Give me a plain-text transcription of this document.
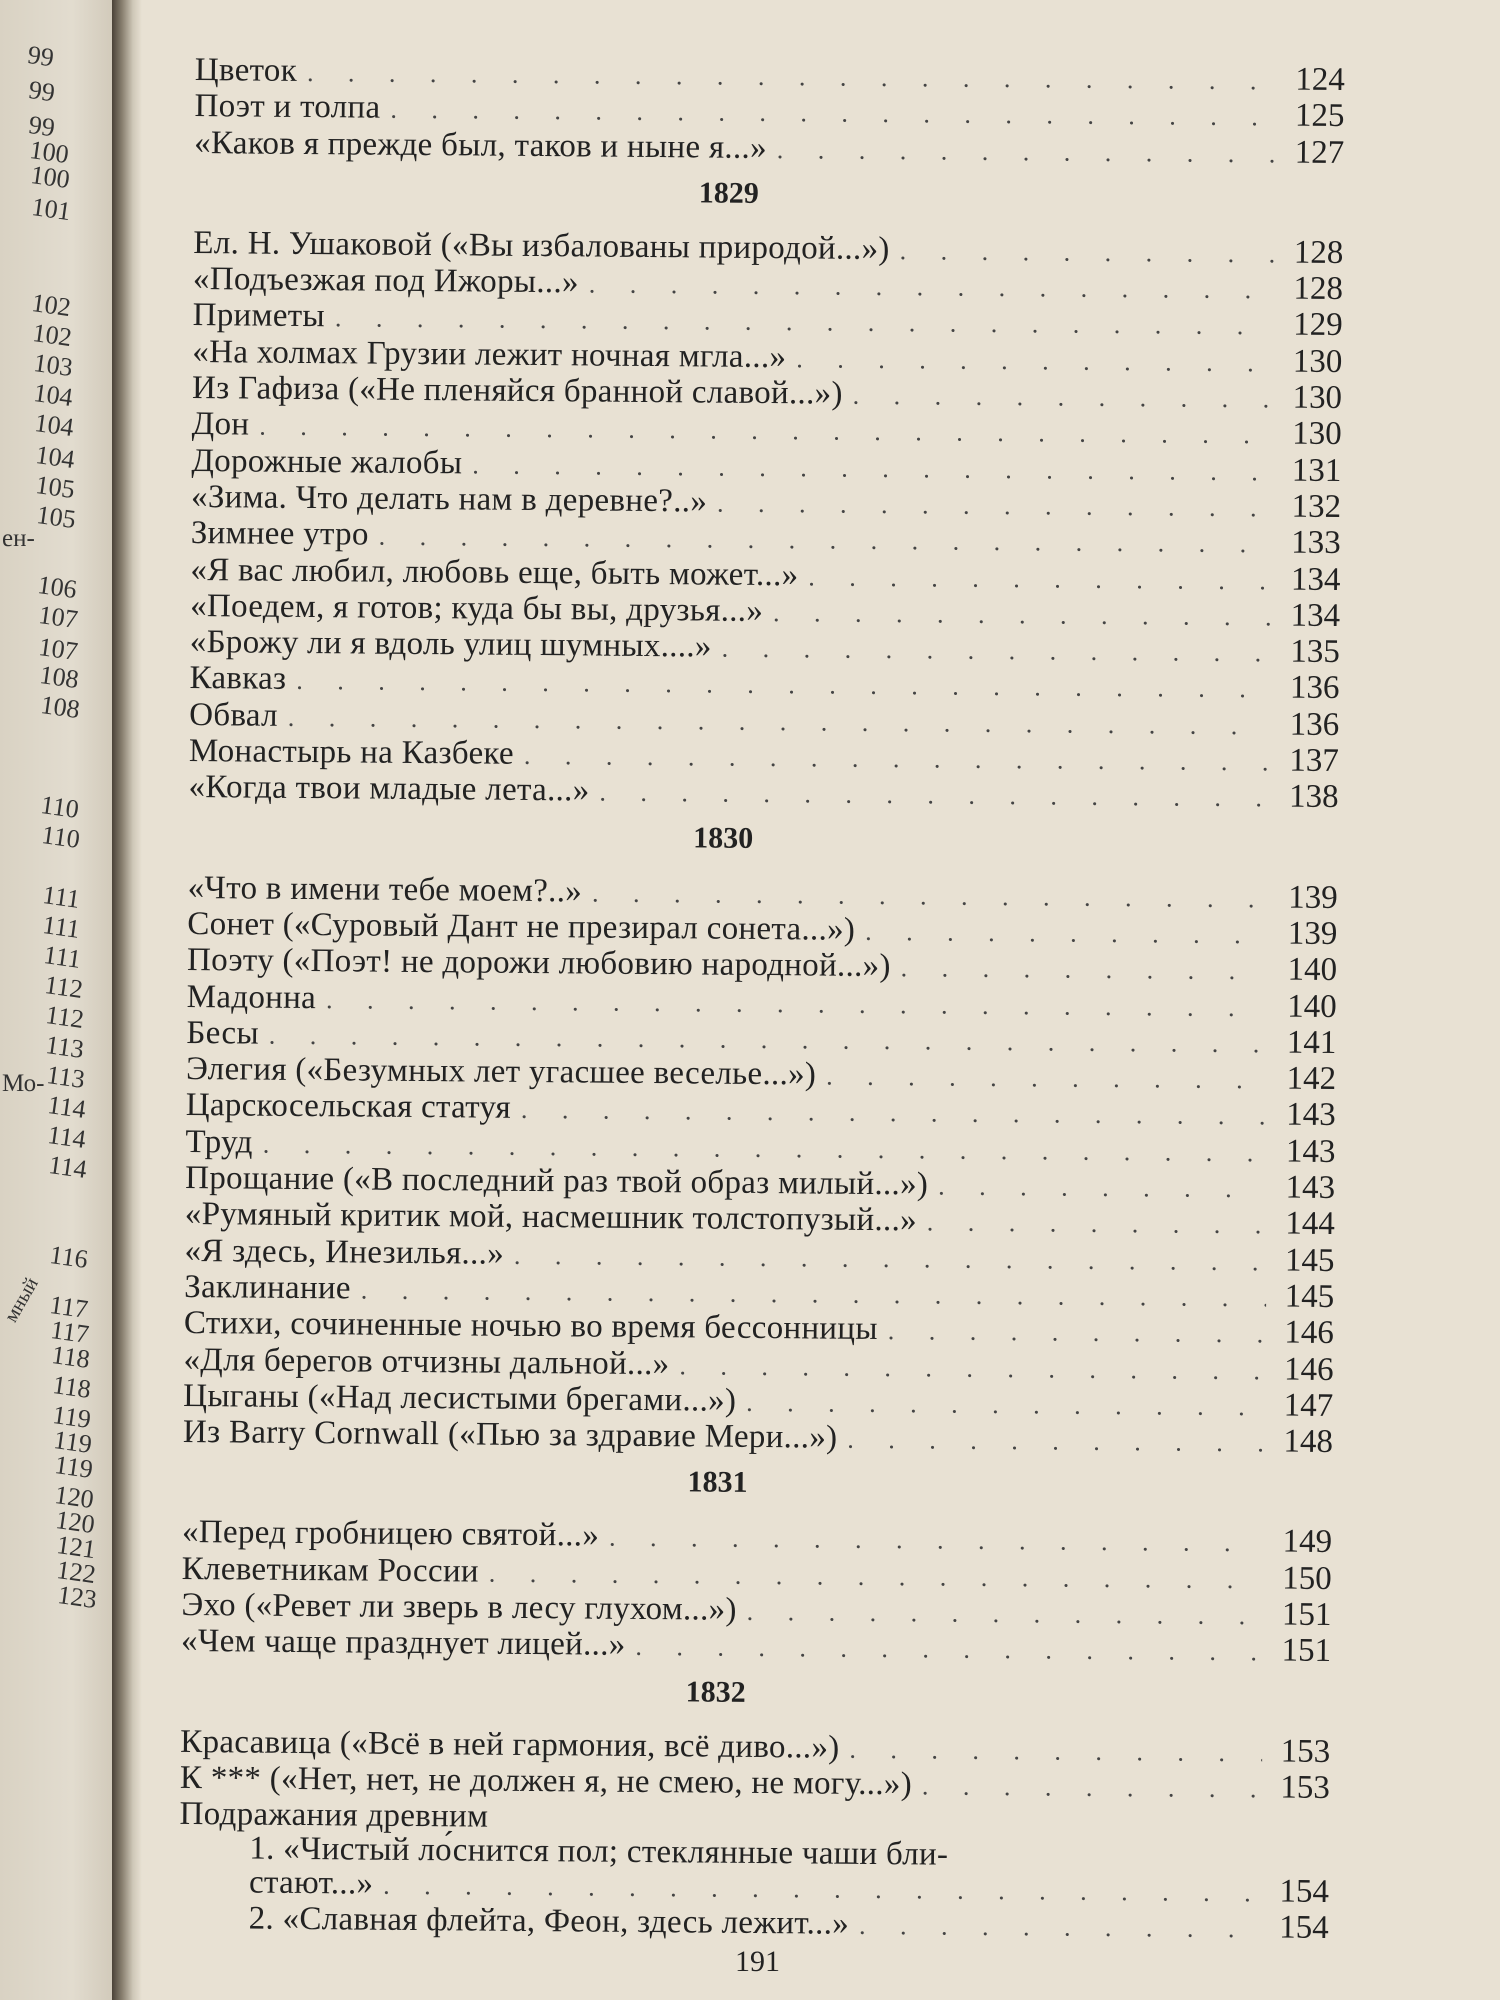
99
99
99
100
100
101
102
102
103
104
104
104
105
105
106
107
107
108
108
110
110
111
111
111
112
112
113
113
114
114
114
116
117
117
118
118
119
119
119
120
120
121
122
123
ен-
Мо-
мный
Цветок . . .	124
Поэт и толпа . . .	125
«Каков я прежде был, таков и ныне я...» . . .	127
1829
Ел. Н. Ушаковой («Вы избалованы природой...») . . .	128
«Подъезжая под Ижоры...» . . .	128
Приметы . . .	129
«На холмах Грузии лежит ночная мгла...» . . .	130
Из Гафиза («Не пленяйся бранной славой...») . . .	130
Дон . . .	130
Дорожные жалобы . . .	131
«Зима. Что делать нам в деревне?..» . . .	132
Зимнее утро . . .	133
«Я вас любил, любовь еще, быть может...» . . .	134
«Поедем, я готов; куда бы вы, друзья...» . . .	134
«Брожу ли я вдоль улиц шумных....» . . .	135
Кавказ . . .	136
Обвал . . .	136
Монастырь на Казбеке . . .	137
«Когда твои младые лета...» . . .	138
1830
«Что в имени тебе моем?..» . . .	139
Сонет («Суровый Дант не презирал сонета...») . . .	139
Поэту («Поэт! не дорожи любовию народной...») . . .	140
Мадонна . . .	140
Бесы . . .	141
Элегия («Безумных лет угасшее веселье...») . . .	142
Царскосельская статуя . . .	143
Труд . . .	143
Прощание («В последний раз твой образ милый...») . . .	143
«Румяный критик мой, насмешник толстопузый...» . . .	144
«Я здесь, Инезилья...» . . .	145
Заклинание . . .	145
Стихи, сочиненные ночью во время бессонницы . . .	146
«Для берегов отчизны дальной...» . . .	146
Цыганы («Над лесистыми брегами...») . . .	147
Из Barry Cornwall («Пью за здравие Мери...») . . .	148
1831
«Перед гробницею святой...» . . .	149
Клеветникам России . . .	150
Эхо («Ревет ли зверь в лесу глухом...») . . .	151
«Чем чаще празднует лицей...» . . .	151
1832
Красавица («Всё в ней гармония, всё диво...») . . .	153
К *** («Нет, нет, не должен я, не смею, не могу...») . . .	153
Подражания древним
1. «Чистый ло́снится пол; стеклянные чаши бли-
стают...» . . .	154
2. «Славная флейта, Феон, здесь лежит...» . . .	154
191
